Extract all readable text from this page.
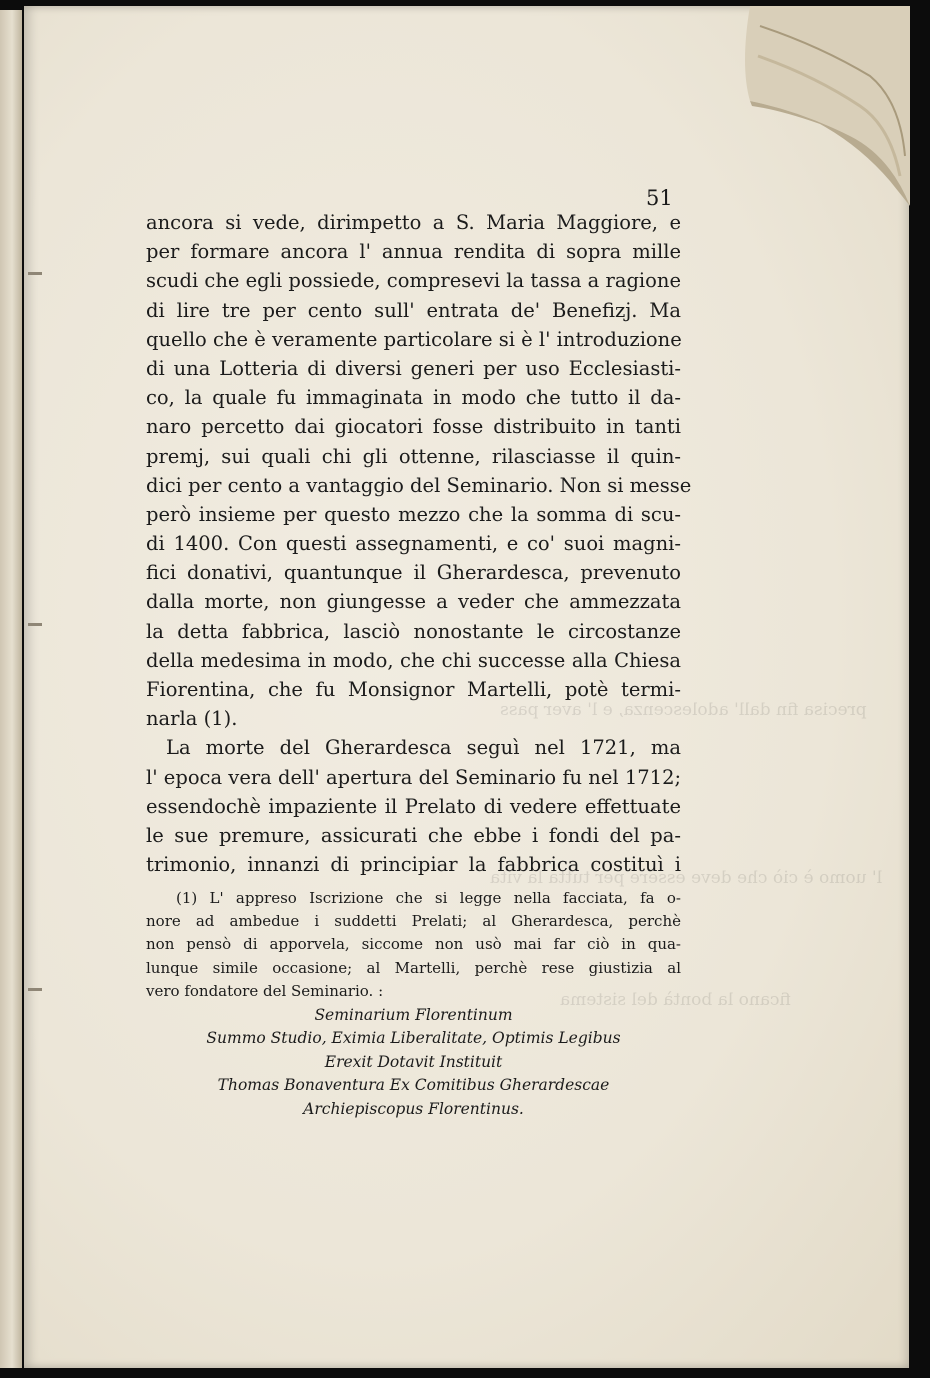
precisa fin dall' adolescenza, e l' aver pass
l' uomo è ciò che deve essere per tutta la vita
ficano la bontà del sistema
51
ancora si vede, dirimpetto a S. Maria Maggiore, e
per formare ancora l' annua rendita di sopra mille
scudi che egli possiede, compresevi la tassa a ragione
di lire tre per cento sull' entrata de' Benefizj. Ma
quello che è veramente particolare si è l' introduzione
di una Lotteria di diversi generi per uso Ecclesiasti-
co, la quale fu immaginata in modo che tutto il da-
naro percetto dai giocatori fosse distribuito in tanti
premj, sui quali chi gli ottenne, rilasciasse il quin-
dici per cento a vantaggio del Seminario. Non si messe
però insieme per questo mezzo che la somma di scu-
di 1400. Con questi assegnamenti, e co' suoi magni-
fici donativi, quantunque il Gherardesca, prevenuto
dalla morte, non giungesse a veder che ammezzata
la detta fabbrica, lasciò nonostante le circostanze
della medesima in modo, che chi successe alla Chiesa
Fiorentina, che fu Monsignor Martelli, potè termi-
narla (1).
La morte del Gherardesca seguì nel 1721, ma
l' epoca vera dell' apertura del Seminario fu nel 1712;
essendochè impaziente il Prelato di vedere effettuate
le sue premure, assicurati che ebbe i fondi del pa-
trimonio, innanzi di principiar la fabbrica costituì i
(1) L' appreso Iscrizione che si legge nella facciata, fa o-
nore ad ambedue i suddetti Prelati; al Gherardesca, perchè
non pensò di apporvela, siccome non usò mai far ciò in qua-
lunque simile occasione; al Martelli, perchè rese giustizia al
vero fondatore del Seminario. :
Seminarium Florentinum
Summo Studio, Eximia Liberalitate, Optimis Legibus
Erexit Dotavit Instituit
Thomas Bonaventura Ex Comitibus Gherardescae
Archiepiscopus Florentinus.
